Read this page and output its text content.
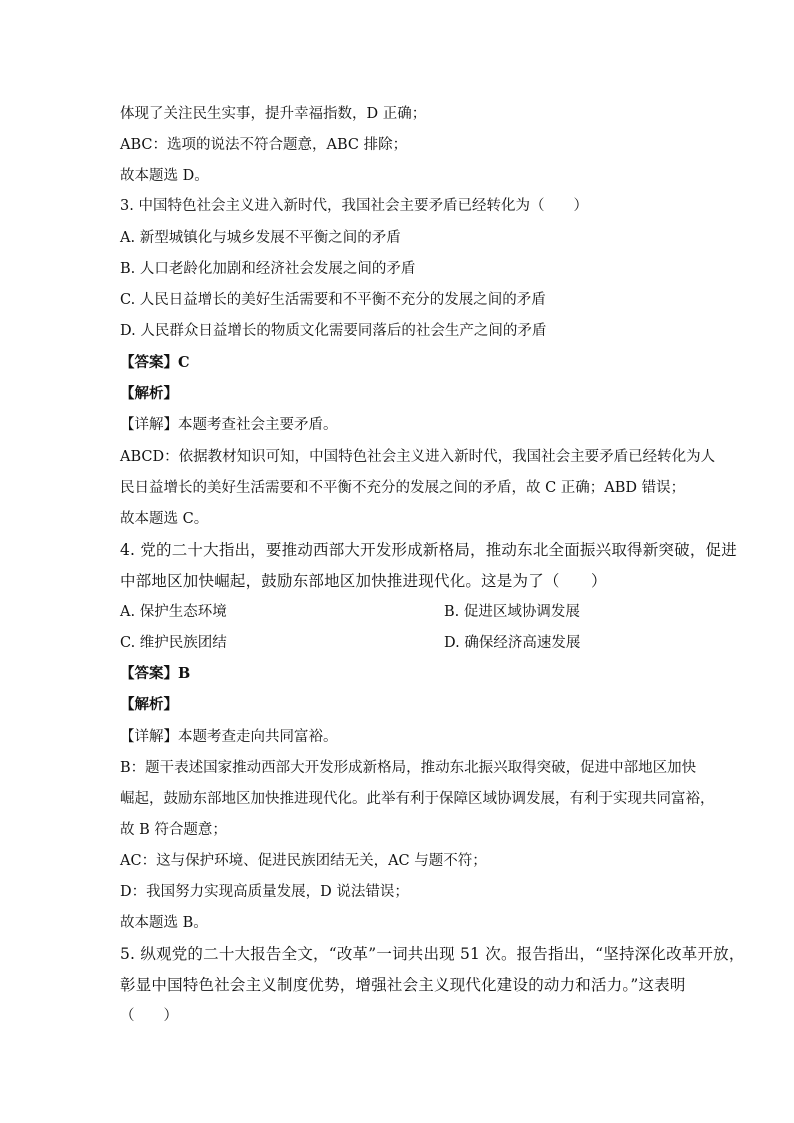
体现了关注民生实事，提升幸福指数，D 正确；
ABC：选项的说法不符合题意，ABC 排除；
故本题选 D。
3. 中国特色社会主义进入新时代，我国社会主要矛盾已经转化为（　　）
A. 新型城镇化与城乡发展不平衡之间的矛盾
B. 人口老龄化加剧和经济社会发展之间的矛盾
C. 人民日益增长的美好生活需要和不平衡不充分的发展之间的矛盾
D. 人民群众日益增长的物质文化需要同落后的社会生产之间的矛盾
【答案】C
【解析】
【详解】本题考查社会主要矛盾。
ABCD：依据教材知识可知，中国特色社会主义进入新时代，我国社会主要矛盾已经转化为人
民日益增长的美好生活需要和不平衡不充分的发展之间的矛盾，故 C 正确；ABD 错误；
故本题选 C。
4. 党的二十大指出，要推动西部大开发形成新格局，推动东北全面振兴取得新突破，促进
中部地区加快崛起，鼓励东部地区加快推进现代化。这是为了（　　）
A. 保护生态环境	B. 促进区域协调发展
C. 维护民族团结	D. 确保经济高速发展
【答案】B
【解析】
【详解】本题考查走向共同富裕。
B：题干表述国家推动西部大开发形成新格局，推动东北振兴取得突破，促进中部地区加快
崛起，鼓励东部地区加快推进现代化。此举有利于保障区域协调发展，有利于实现共同富裕，
故 B 符合题意；
AC：这与保护环境、促进民族团结无关，AC 与题不符；
D：我国努力实现高质量发展，D 说法错误；
故本题选 B。
5. 纵观党的二十大报告全文，“改革”一词共出现 51 次。报告指出，“坚持深化改革开放，
彰显中国特色社会主义制度优势，增强社会主义现代化建设的动力和活力。”这表明
（　　）
